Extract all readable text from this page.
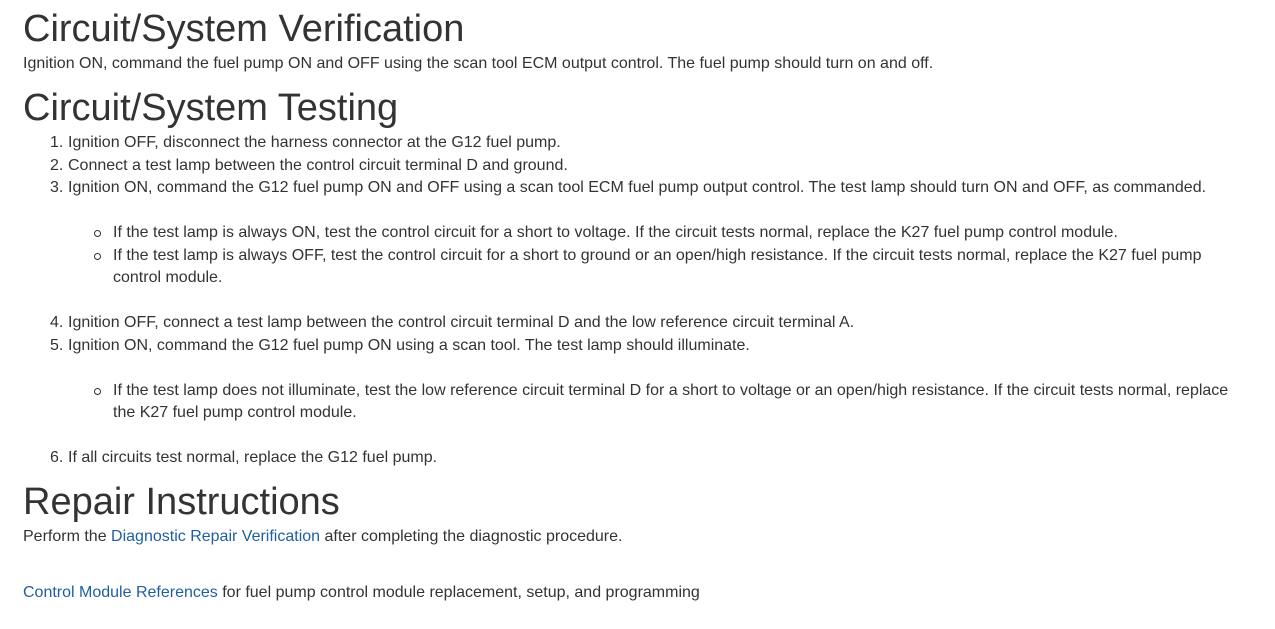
Circuit/System Verification

Ignition ON, command the fuel pump ON and OFF using the scan tool ECM output control. The fuel pump should turn on and off.

Circuit/System Testing
1. Ignition OFF, disconnect the harness connector at the G12 fuel pump.
2. Connect a test lamp between the control circuit terminal D and ground.
3. Ignition ON, command the G12 fuel pump ON and OFF using a scan tool ECM fuel pump output control. The test lamp should turn ON and OFF, as commanded.
If the test lamp is always ON, test the control circuit for a short to voltage. If the circuit tests normal, replace the K27 fuel pump control module.
If the test lamp is always OFF, test the control circuit for a short to ground or an open/high resistance. If the circuit tests normal, replace the K27 fuel pump control module.
4. Ignition OFF, connect a test lamp between the control circuit terminal D and the low reference circuit terminal A.
5. Ignition ON, command the G12 fuel pump ON using a scan tool. The test lamp should illuminate.
If the test lamp does not illuminate, test the low reference circuit terminal D for a short to voltage or an open/high resistance. If the circuit tests normal, replace the K27 fuel pump control module.
6. If all circuits test normal, replace the G12 fuel pump.
Repair Instructions

Perform the Diagnostic Repair Verification after completing the diagnostic procedure.

Control Module References for fuel pump control module replacement, setup, and programming
